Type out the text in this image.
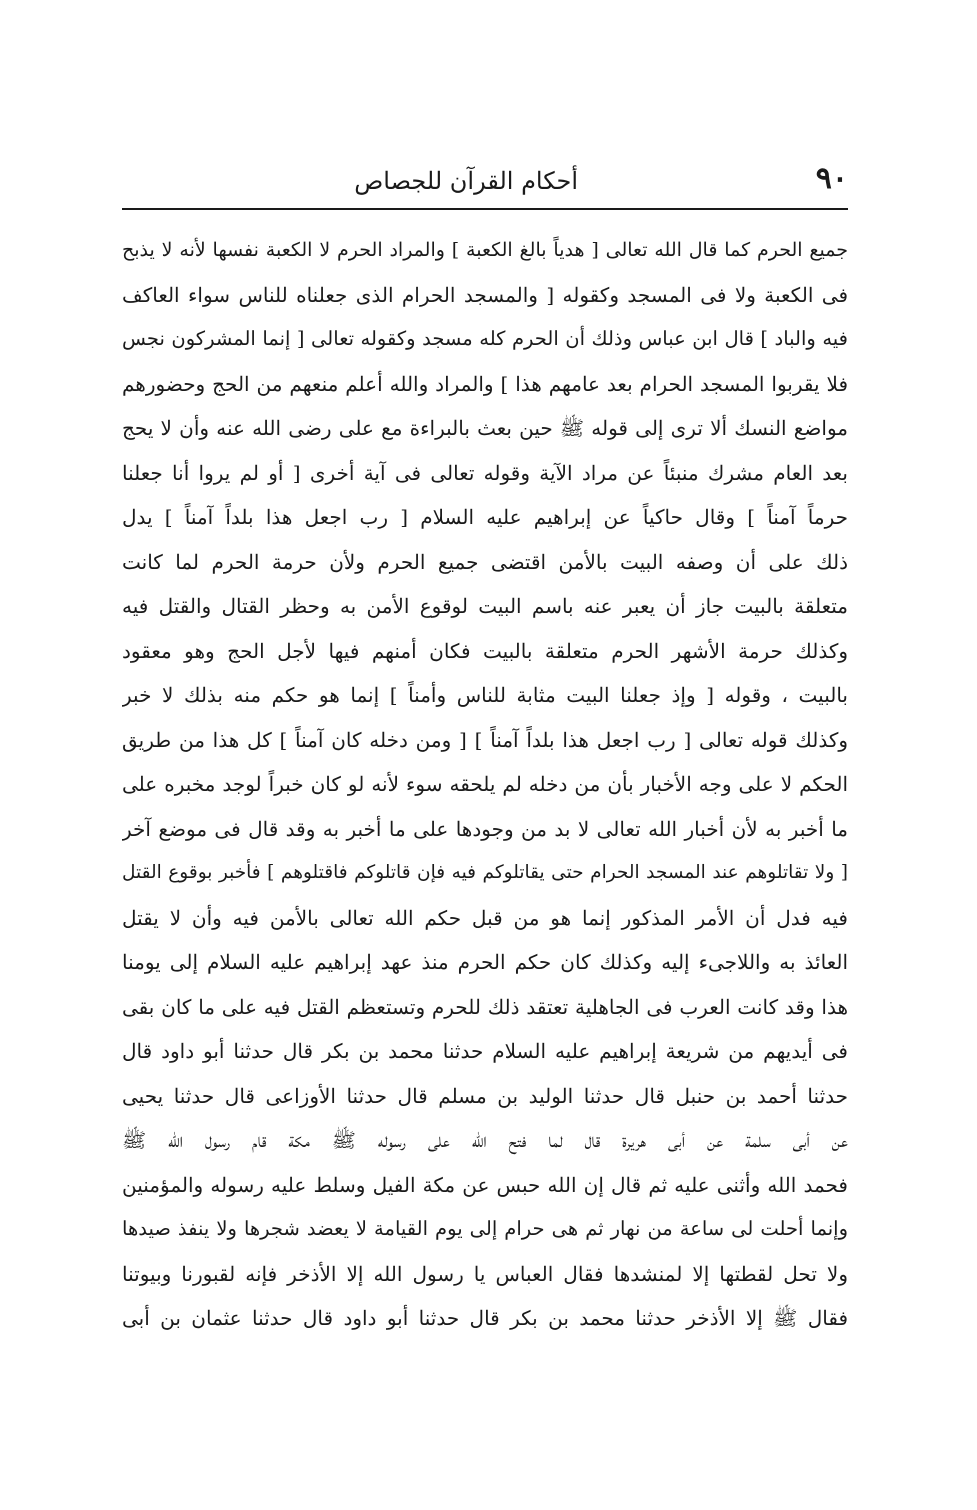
٩٠
أحكام القرآن للجصاص
جميع الحرم كما قال الله تعالى [ هدياً بالغ الكعبة ] والمراد الحرم لا الكعبة نفسها لأنه لا يذبح
فى الكعبة ولا فى المسجد وكقوله [ والمسجد الحرام الذى جعلناه للناس سواء العاكف
فيه والباد ] قال ابن عباس وذلك أن الحرم كله مسجد وكقوله تعالى [ إنما المشركون نجس
فلا يقربوا المسجد الحرام بعد عامهم هذا ] والمراد والله أعلم منعهم من الحج وحضورهم
مواضع النسك ألا ترى إلى قوله ﷺ حين بعث بالبراءة مع على رضى الله عنه وأن لا يحج
بعد العام مشرك منبئاً عن مراد الآية وقوله تعالى فى آية أخرى [ أو لم يروا أنا جعلنا
حرماً آمناً ] وقال حاكياً عن إبراهيم عليه السلام [ رب اجعل هذا بلداً آمناً ] يدل
ذلك على أن وصفه البيت بالأمن اقتضى جميع الحرم ولأن حرمة الحرم لما كانت
متعلقة بالبيت جاز أن يعبر عنه باسم البيت لوقوع الأمن به وحظر القتال والقتل فيه
وكذلك حرمة الأشهر الحرم متعلقة بالبيت فكان أمنهم فيها لأجل الحج وهو معقود
بالبيت ، وقوله [ وإذ جعلنا البيت مثابة للناس وأمناً ] إنما هو حكم منه بذلك لا خبر
وكذلك قوله تعالى [ رب اجعل هذا بلداً آمناً ] [ ومن دخله كان آمناً ] كل هذا من طريق
الحكم لا على وجه الأخبار بأن من دخله لم يلحقه سوء لأنه لو كان خبراً لوجد مخبره على
ما أخبر به لأن أخبار الله تعالى لا بد من وجودها على ما أخبر به وقد قال فى موضع آخر
[ ولا تقاتلوهم عند المسجد الحرام حتى يقاتلوكم فيه فإن قاتلوكم فاقتلوهم ] فأخبر بوقوع القتل
فيه فدل أن الأمر المذكور إنما هو من قبل حكم الله تعالى بالأمن فيه وأن لا يقتل
العائذ به واللاجىء إليه وكذلك كان حكم الحرم منذ عهد إبراهيم عليه السلام إلى يومنا
هذا وقد كانت العرب فى الجاهلية تعتقد ذلك للحرم وتستعظم القتل فيه على ما كان بقى
فى أيديهم من شريعة إبراهيم عليه السلام حدثنا محمد بن بكر قال حدثنا أبو داود قال
حدثنا أحمد بن حنبل قال حدثنا الوليد بن مسلم قال حدثنا الأوزاعى قال حدثنا يحيى
عن أبى سلمة عن أبى هريرة قال لما فتح الله على رسوله ﷺ مكة قام رسول الله ﷺ
فحمد الله وأثنى عليه ثم قال إن الله حبس عن مكة الفيل وسلط عليه رسوله والمؤمنين
وإنما أحلت لى ساعة من نهار ثم هى حرام إلى يوم القيامة لا يعضد شجرها ولا ينفذ صيدها
ولا تحل لقطتها إلا لمنشدها فقال العباس يا رسول الله إلا الأذخر فإنه لقبورنا وبيوتنا
فقال ﷺ إلا الأذخر حدثنا محمد بن بكر قال حدثنا أبو داود قال حدثنا عثمان بن أبى
